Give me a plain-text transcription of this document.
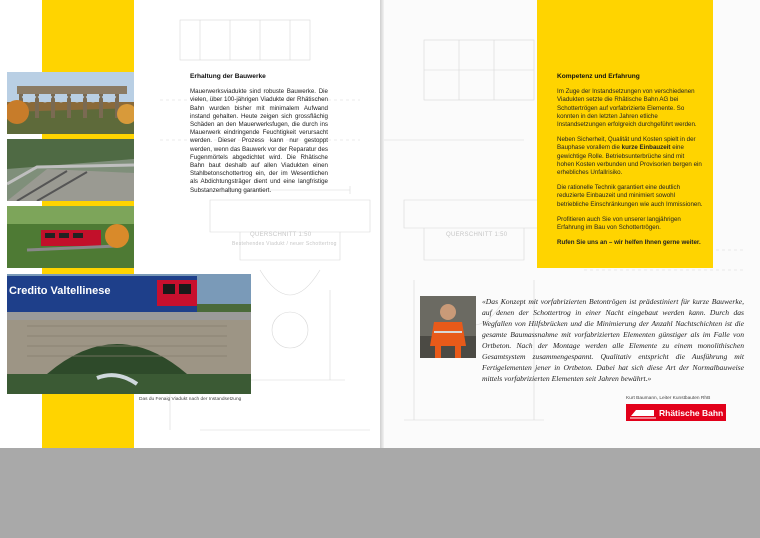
QUERSCHNITT 1:50
Bestehendes Viadukt / neuer Schottertrog
QUERSCHNITT 1:50
Credito Valtellinese
Das du Fenaig Viadukt nach der Instandsetzung
Erhaltung der Bauwerke

Mauerwerksviadukte sind robuste Bauwerke. Die vielen, über 100-jährigen Viadukte der Rhätischen Bahn wurden bisher mit minimalem Aufwand instand gehalten. Heute zeigen sich grossflächig Schäden an den Mauerwerksfugen, die durch ins Mauerwerk eindringende Feuchtigkeit verursacht werden. Dieser Prozess kann nur gestoppt werden, wenn das Bauwerk vor der Reparatur des Fugenmörtels abgedichtet wird. Die Rhätische Bahn baut deshalb auf allen Viadukten einen Stahlbetonschottertrog ein, der im Wesentlichen als Abdichtungsträger dient und eine langfristige Substanzerhaltung garantiert.

Kompetenz und Erfahrung

Im Zuge der Instandsetzungen von verschiedenen Viadukten setzte die Rhätische Bahn AG bei Schottertrögen auf vorfabrizierte Elemente. So konnten in den letzten Jahren etliche Instandsetzungen erfolgreich durchgeführt werden.

Neben Sicherheit, Qualität und Kosten spielt in der Bauphase vorallem die kurze Einbauzeit eine gewichtige Rolle. Betriebsunterbrüche sind mit hohen Kosten verbunden und Provisorien bergen ein erhebliches Unfallrisiko.

Die rationelle Technik garantiert eine deutlich reduzierte Einbauzeit und minimiert sowohl betriebliche Einschränkungen wie auch Immissionen.

Profitieren auch Sie von unserer langjährigen Erfahrung im Bau von Schottertrögen.

Rufen Sie uns an – wir helfen Ihnen gerne weiter.

«Das Konzept mit vorfabrizierten Betontrögen ist prädestiniert für kurze Bauwerke, auf denen der Schottertrog in einer Nacht eingebaut werden kann. Durch das Wegfallen von Hilfsbrücken und die Minimierung der Anzahl Nachtschichten ist die gesamte Baumassnahme mit vorfabrizierten Elementen günstiger als im Falle von Ortbeton. Nach der Montage werden alle Elemente zu einem monolithischen Gesamtsystem zusammengespannt. Qualitativ entspricht die Ausführung mit Fertigelementen jener in Ortbeton. Dabei hat sich diese Art der Normalbauweise mittels vorfabrizierten Elementen seit Jahren bewährt.»
Kurt Baumann, Leiter Kunstbauten RhB
Rhätische Bahn
